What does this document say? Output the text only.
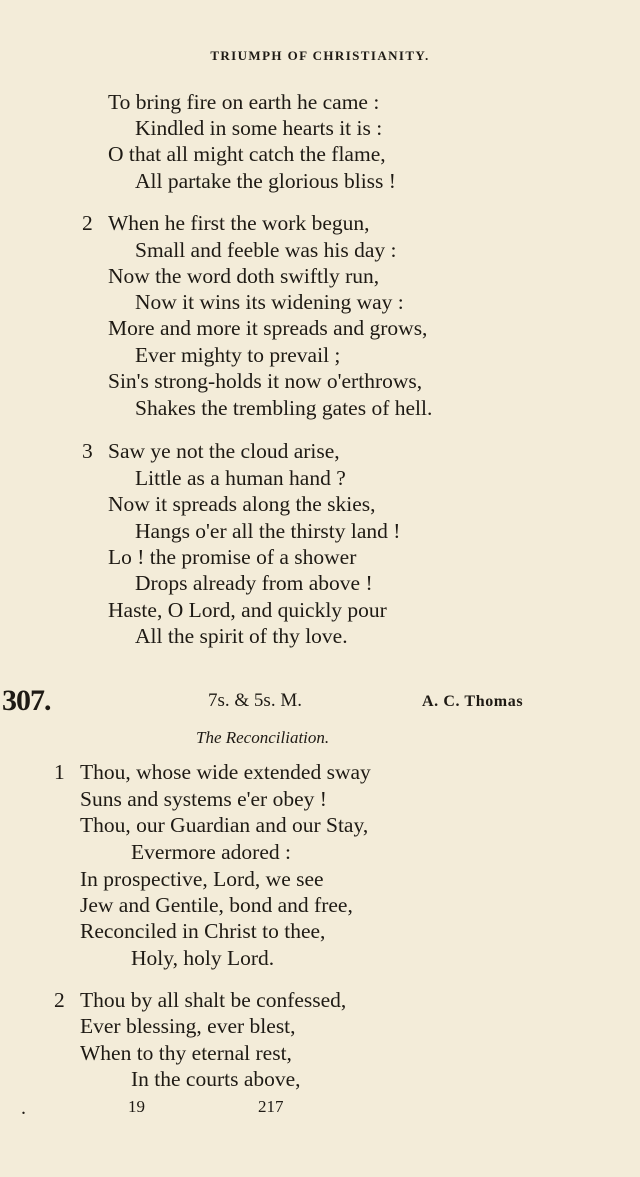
TRIUMPH OF CHRISTIANITY.
To bring fire on earth he came :
Kindled in some hearts it is :
O that all might catch the flame,
All partake the glorious bliss !
2 When he first the work begun,
Small and feeble was his day :
Now the word doth swiftly run,
Now it wins its widening way :
More and more it spreads and grows,
Ever mighty to prevail ;
Sin's strong-holds it now o'erthrows,
Shakes the trembling gates of hell.
3 Saw ye not the cloud arise,
Little as a human hand ?
Now it spreads along the skies,
Hangs o'er all the thirsty land !
Lo ! the promise of a shower
Drops already from above !
Haste, O Lord, and quickly pour
All the spirit of thy love.
307.	7s. & 5s. M.	A. C. Thomas
The Reconciliation.
1 Thou, whose wide extended sway
Suns and systems e'er obey !
Thou, our Guardian and our Stay,
Evermore adored :
In prospective, Lord, we see
Jew and Gentile, bond and free,
Reconciled in Christ to thee,
Holy, holy Lord.
2 Thou by all shalt be confessed,
Ever blessing, ever blest,
When to thy eternal rest,
In the courts above,
.	19	217
